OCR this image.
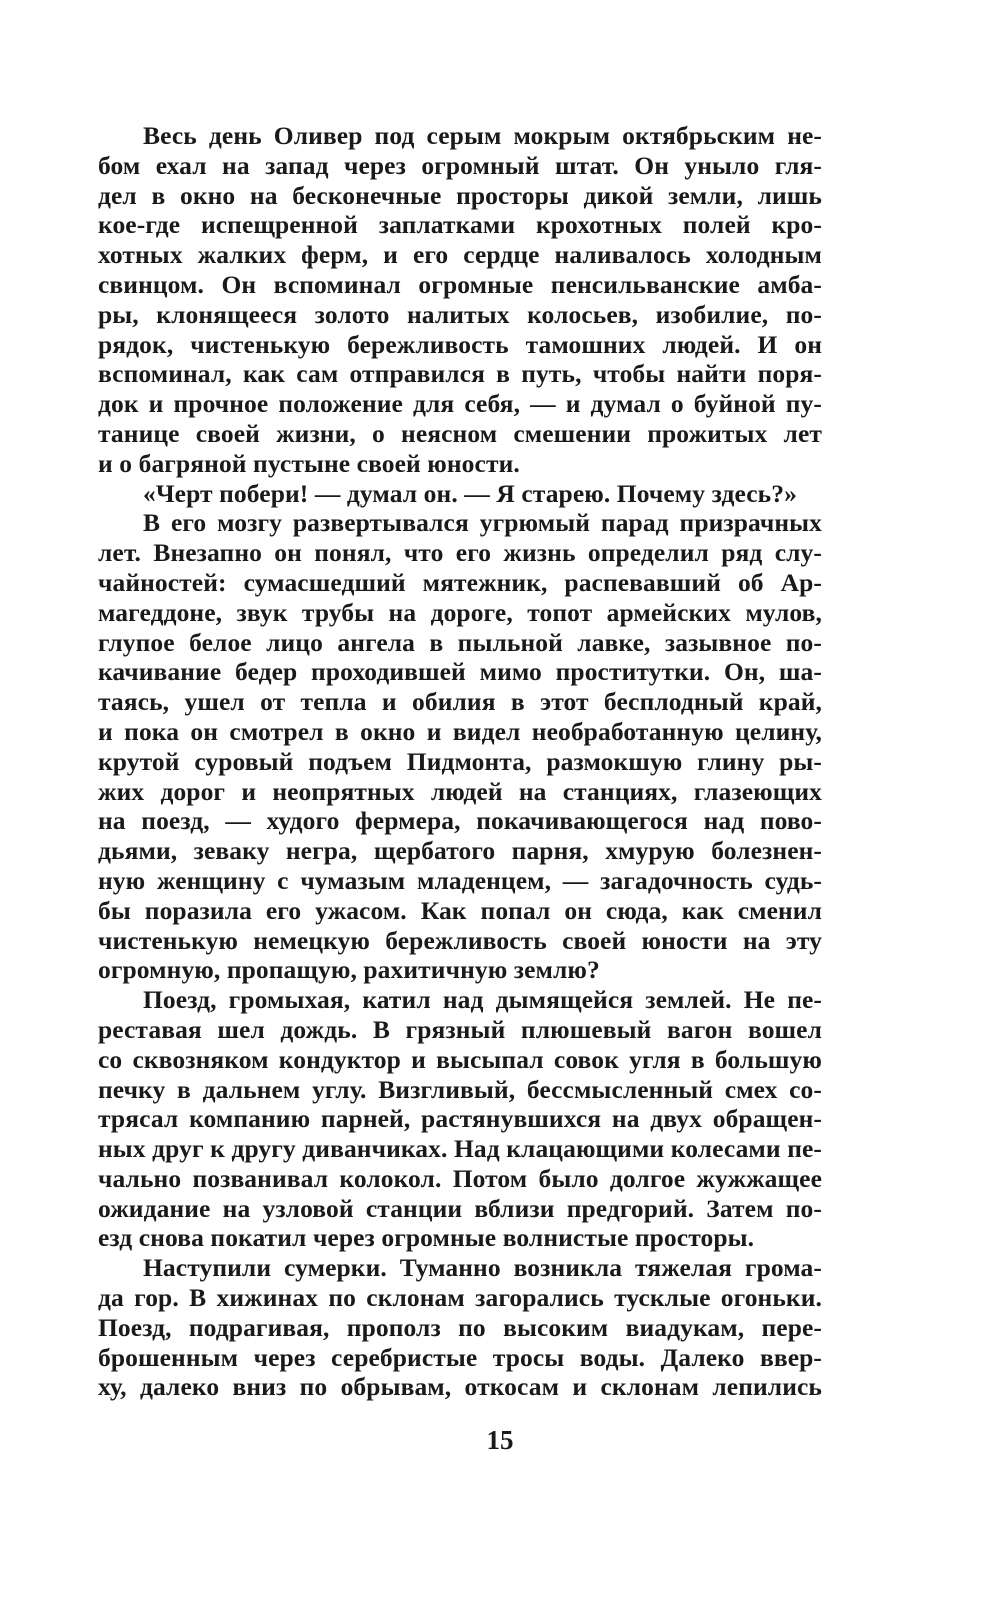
Весь день Оливер под серым мокрым октябрьским не-
бом ехал на запад через огромный штат. Он уныло гля-
дел в окно на бесконечные просторы дикой земли, лишь
кое-где испещренной заплатками крохотных полей кро-
хотных жалких ферм, и его сердце наливалось холодным
свинцом. Он вспоминал огромные пенсильванские амба-
ры, клонящееся золото налитых колосьев, изобилие, по-
рядок, чистенькую бережливость тамошних людей. И он
вспоминал, как сам отправился в путь, чтобы найти поря-
док и прочное положение для себя, — и думал о буйной пу-
танице своей жизни, о неясном смешении прожитых лет
и о багряной пустыне своей юности.
«Черт побери! — думал он. — Я старею. Почему здесь?»
В его мозгу развертывался угрюмый парад призрачных
лет. Внезапно он понял, что его жизнь определил ряд слу-
чайностей: сумасшедший мятежник, распевавший об Ар-
магеддоне, звук трубы на дороге, топот армейских мулов,
глупое белое лицо ангела в пыльной лавке, зазывное по-
качивание бедер проходившей мимо проститутки. Он, ша-
таясь, ушел от тепла и обилия в этот бесплодный край,
и пока он смотрел в окно и видел необработанную целину,
крутой суровый подъем Пидмонта, размокшую глину ры-
жих дорог и неопрятных людей на станциях, глазеющих
на поезд, — худого фермера, покачивающегося над пово-
дьями, зеваку негра, щербатого парня, хмурую болезнен-
ную женщину с чумазым младенцем, — загадочность судь-
бы поразила его ужасом. Как попал он сюда, как сменил
чистенькую немецкую бережливость своей юности на эту
огромную, пропащую, рахитичную землю?
Поезд, громыхая, катил над дымящейся землей. Не пе-
реставая шел дождь. В грязный плюшевый вагон вошел
со сквозняком кондуктор и высыпал совок угля в большую
печку в дальнем углу. Визгливый, бессмысленный смех со-
трясал компанию парней, растянувшихся на двух обращен-
ных друг к другу диванчиках. Над клацающими колесами пе-
чально позванивал колокол. Потом было долгое жужжащее
ожидание на узловой станции вблизи предгорий. Затем по-
езд снова покатил через огромные волнистые просторы.
Наступили сумерки. Туманно возникла тяжелая грома-
да гор. В хижинах по склонам загорались тусклые огоньки.
Поезд, подрагивая, прополз по высоким виадукам, пере-
брошенным через серебристые тросы воды. Далеко ввер-
ху, далеко вниз по обрывам, откосам и склонам лепились
15
